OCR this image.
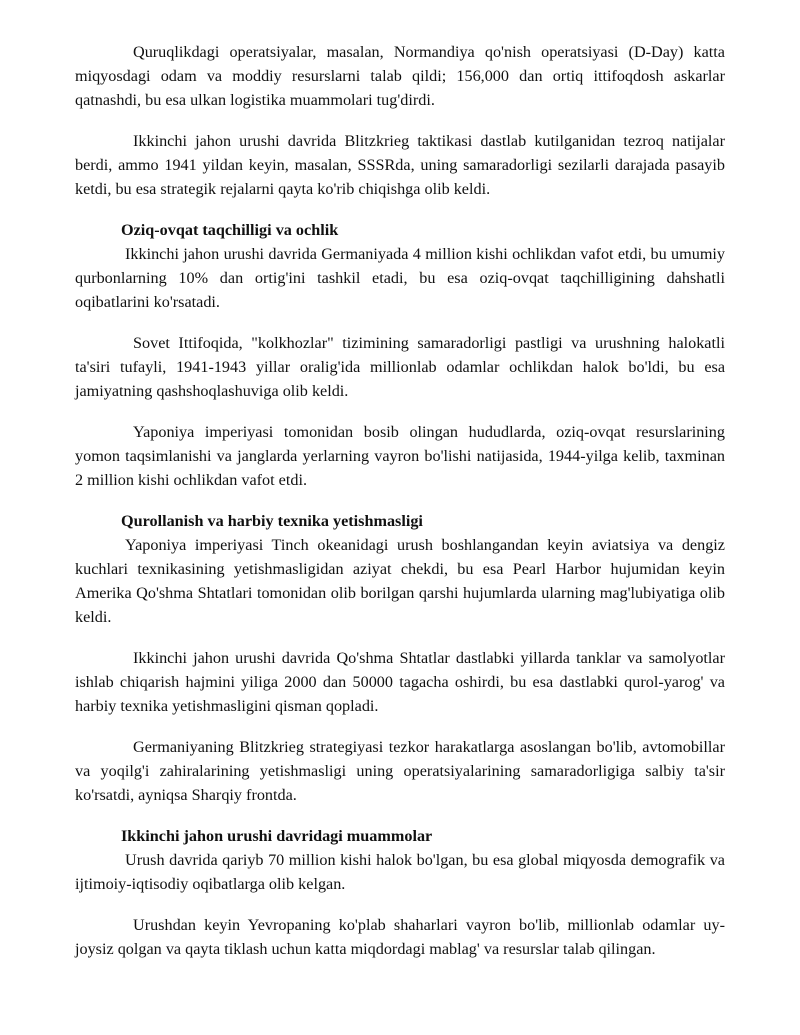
Quruqlikdagi operatsiyalar, masalan, Normandiya qo'nish operatsiyasi (D-Day) katta miqyosdagi odam va moddiy resurslarni talab qildi; 156,000 dan ortiq ittifoqdosh askarlar qatnashdi, bu esa ulkan logistika muammolari tug'dirdi.

Ikkinchi jahon urushi davrida Blitzkrieg taktikasi dastlab kutilganidan tezroq natijalar berdi, ammo 1941 yildan keyin, masalan, SSSRda, uning samaradorligi sezilarli darajada pasayib ketdi, bu esa strategik rejalarni qayta ko'rib chiqishga olib keldi.

Oziq-ovqat taqchilligi va ochlik

Ikkinchi jahon urushi davrida Germaniyada 4 million kishi ochlikdan vafot etdi, bu umumiy qurbonlarning 10% dan ortig'ini tashkil etadi, bu esa oziq-ovqat taqchilligining dahshatli oqibatlarini ko'rsatadi.

Sovet Ittifoqida, "kolkhozlar" tizimining samaradorligi pastligi va urushning halokatli ta'siri tufayli, 1941-1943 yillar oralig'ida millionlab odamlar ochlikdan halok bo'ldi, bu esa jamiyatning qashshoqlashuviga olib keldi.

Yaponiya imperiyasi tomonidan bosib olingan hududlarda, oziq-ovqat resurslarining yomon taqsimlanishi va janglarda yerlarning vayron bo'lishi natijasida, 1944-yilga kelib, taxminan 2 million kishi ochlikdan vafot etdi.

Qurollanish va harbiy texnika yetishmasligi

Yaponiya imperiyasi Tinch okeanidagi urush boshlangandan keyin aviatsiya va dengiz kuchlari texnikasining yetishmasligidan aziyat chekdi, bu esa Pearl Harbor hujumidan keyin Amerika Qo'shma Shtatlari tomonidan olib borilgan qarshi hujumlarda ularning mag'lubiyatiga olib keldi.

Ikkinchi jahon urushi davrida Qo'shma Shtatlar dastlabki yillarda tanklar va samolyotlar ishlab chiqarish hajmini yiliga 2000 dan 50000 tagacha oshirdi, bu esa dastlabki qurol-yarog' va harbiy texnika yetishmasligini qisman qopladi.

Germaniyaning Blitzkrieg strategiyasi tezkor harakatlarga asoslangan bo'lib, avtomobillar va yoqilg'i zahiralarining yetishmasligi uning operatsiyalarining samaradorligiga salbiy ta'sir ko'rsatdi, ayniqsa Sharqiy frontda.

Ikkinchi jahon urushi davridagi muammolar

Urush davrida qariyb 70 million kishi halok bo'lgan, bu esa global miqyosda demografik va ijtimoiy-iqtisodiy oqibatlarga olib kelgan.

Urushdan keyin Yevropaning ko'plab shaharlari vayron bo'lib, millionlab odamlar uy-joysiz qolgan va qayta tiklash uchun katta miqdordagi mablag' va resurslar talab qilingan.
